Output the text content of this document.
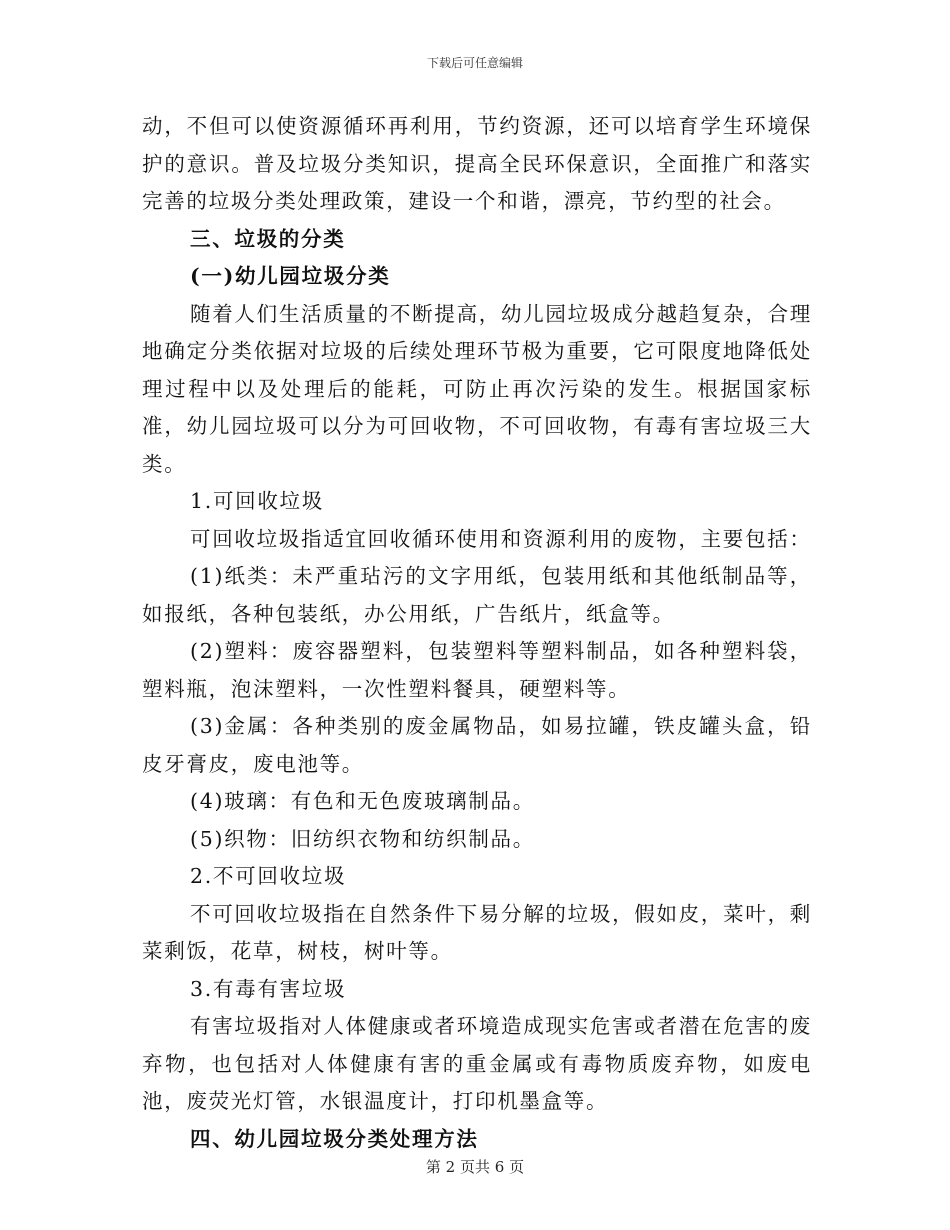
下载后可任意编辑

动，不但可以使资源循环再利用，节约资源，还可以培育学生环境保护的意识。普及垃圾分类知识，提高全民环保意识，全面推广和落实完善的垃圾分类处理政策，建设一个和谐，漂亮，节约型的社会。

三、垃圾的分类

(一)幼儿园垃圾分类

随着人们生活质量的不断提高，幼儿园垃圾成分越趋复杂，合理地确定分类依据对垃圾的后续处理环节极为重要，它可限度地降低处理过程中以及处理后的能耗，可防止再次污染的发生。根据国家标准，幼儿园垃圾可以分为可回收物，不可回收物，有毒有害垃圾三大类。

1.可回收垃圾

可回收垃圾指适宜回收循环使用和资源利用的废物，主要包括：

(1)纸类：未严重玷污的文字用纸，包装用纸和其他纸制品等，如报纸，各种包装纸，办公用纸，广告纸片，纸盒等。

(2)塑料：废容器塑料，包装塑料等塑料制品，如各种塑料袋，塑料瓶，泡沫塑料，一次性塑料餐具，硬塑料等。

(3)金属：各种类别的废金属物品，如易拉罐，铁皮罐头盒，铅皮牙膏皮，废电池等。

(4)玻璃：有色和无色废玻璃制品。

(5)织物：旧纺织衣物和纺织制品。

2.不可回收垃圾

不可回收垃圾指在自然条件下易分解的垃圾，假如皮，菜叶，剩菜剩饭，花草，树枝，树叶等。

3.有毒有害垃圾

有害垃圾指对人体健康或者环境造成现实危害或者潜在危害的废弃物，也包括对人体健康有害的重金属或有毒物质废弃物，如废电池，废荧光灯管，水银温度计，打印机墨盒等。

四、幼儿园垃圾分类处理方法

第 2 页共 6 页
